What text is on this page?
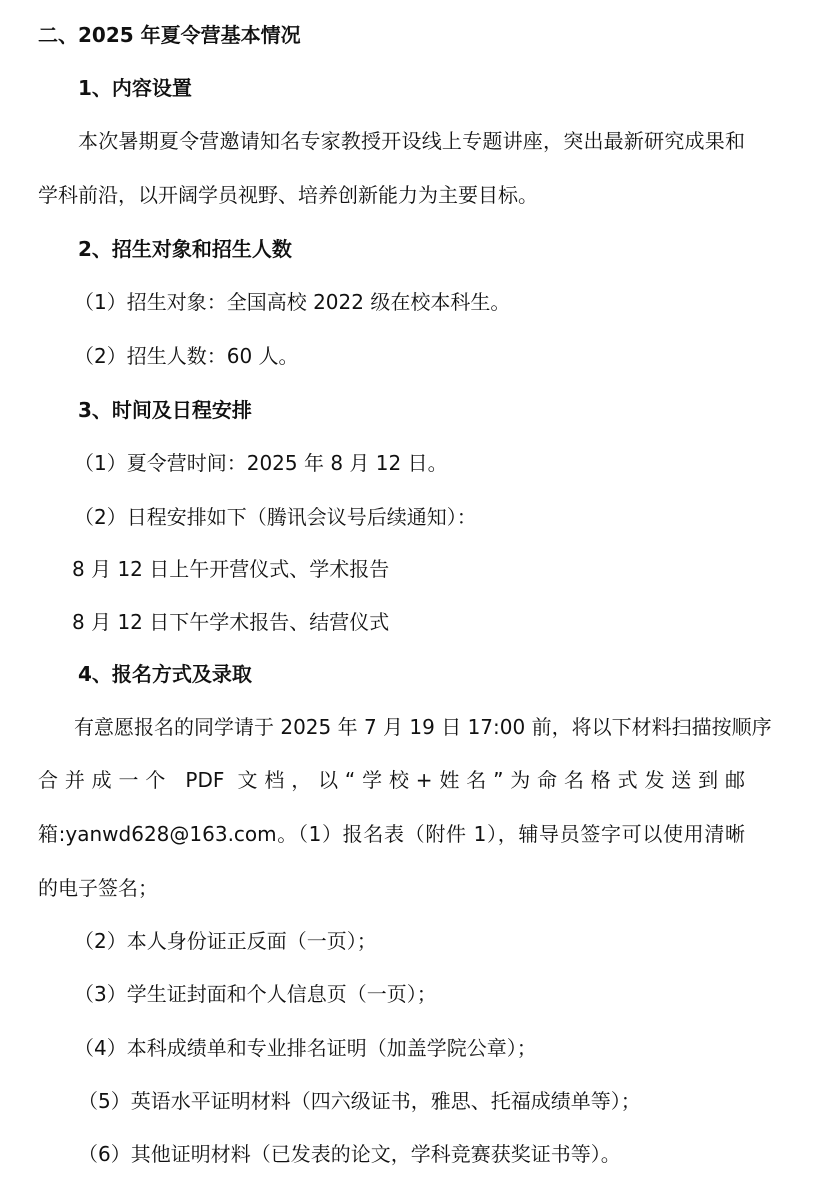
二、2025 年夏令营基本情况
1、内容设置
本次暑期夏令营邀请知名专家教授开设线上专题讲座，突出最新研究成果和
学科前沿，以开阔学员视野、培养创新能力为主要目标。
2、招生对象和招生人数
（1）招生对象：全国高校 2022 级在校本科生。
（2）招生人数：60 人。
3、时间及日程安排
（1）夏令营时间：2025 年 8 月 12 日。
（2）日程安排如下（腾讯会议号后续通知）：
8 月 12 日上午开营仪式、学术报告
8 月 12 日下午学术报告、结营仪式
4、报名方式及录取
有意愿报名的同学请于 2025 年 7 月 19 日 17:00 前，将以下材料扫描按顺序
合并成一个 PDF 文档，以“学校+姓名”为命名格式发送到邮
箱:yanwd628@163.com。（1）报名表（附件 1），辅导员签字可以使用清晰
的电子签名；
（2）本人身份证正反面（一页）；
（3）学生证封面和个人信息页（一页）；
（4）本科成绩单和专业排名证明（加盖学院公章）；
（5）英语水平证明材料（四六级证书，雅思、托福成绩单等）；
（6）其他证明材料（已发表的论文，学科竞赛获奖证书等）。
